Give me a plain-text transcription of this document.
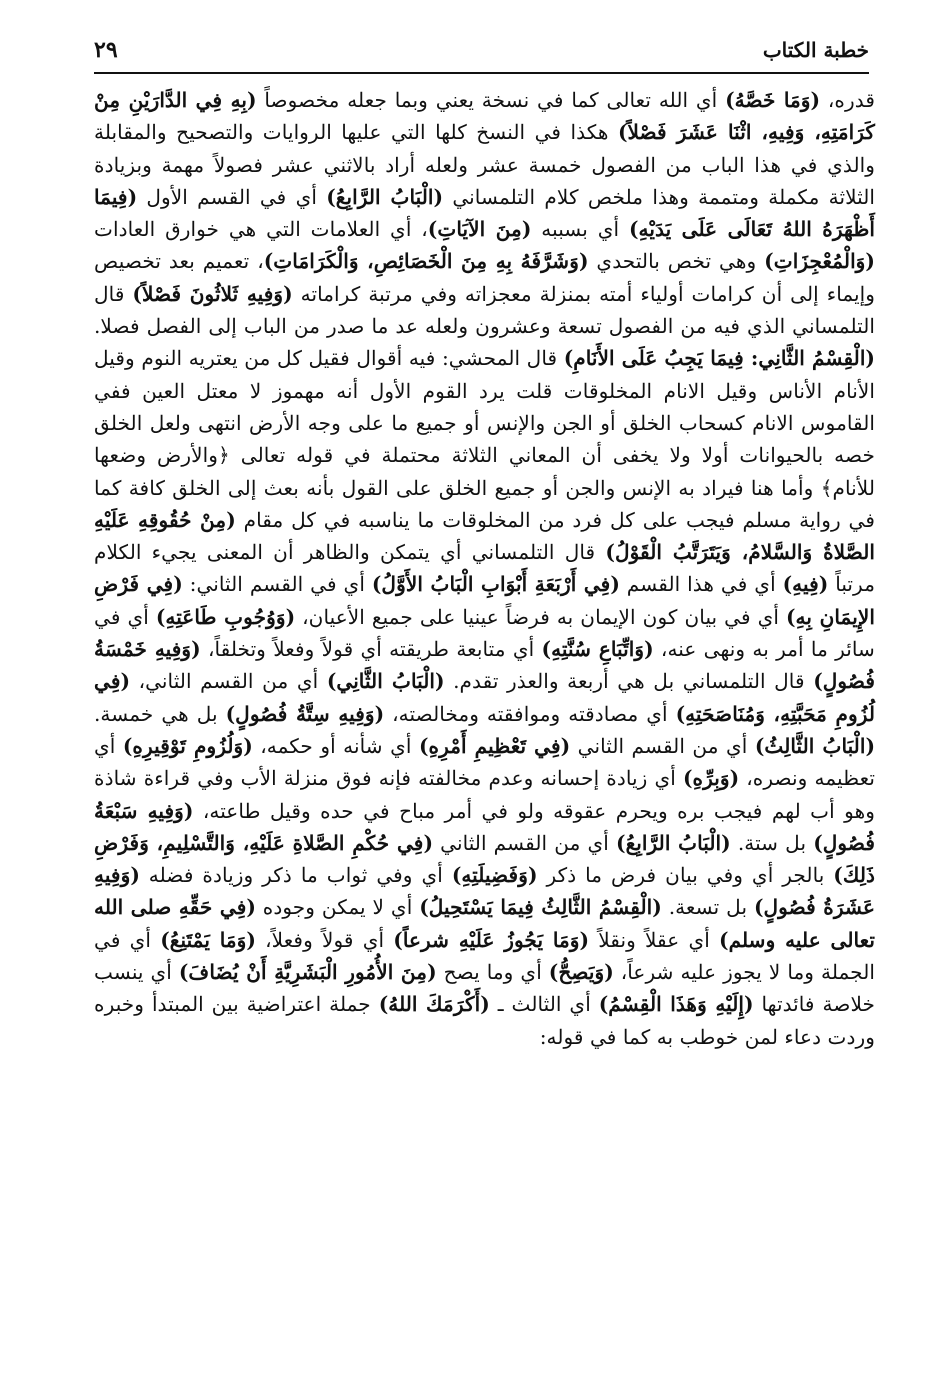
خطبة الكتاب
٢٩

قدره، (وَمَا خَصَّهُ) أي الله تعالى كما في نسخة يعني وبما جعله مخصوصاً (بِهِ فِي الدَّارَيْنِ مِنْ كَرَامَتِهِ، وَفِيهِ، اثْنَا عَشَرَ فَصْلاً) هكذا في النسخ كلها التي عليها الروايات والتصحيح والمقابلة والذي في هذا الباب من الفصول خمسة عشر ولعله أراد بالاثني عشر فصولاً مهمة وبزيادة الثلاثة مكملة ومتممة وهذا ملخص كلام التلمساني (الْبَابُ الرَّابِعُ) أي في القسم الأول (فِيمَا أَظْهَرَهُ اللهُ تَعَالَى عَلَى يَدَيْهِ) أي بسببه (مِنَ الآيَاتِ)، أي العلامات التي هي خوارق العادات (وَالْمُعْجِزَاتِ) وهي تخص بالتحدي (وَشَرَّفَهُ بِهِ مِنَ الْخَصَائِصِ، وَالْكَرَامَاتِ)، تعميم بعد تخصيص وإيماء إلى أن كرامات أولياء أمته بمنزلة معجزاته وفي مرتبة كراماته (وَفِيهِ ثَلاثُونَ فَصْلاً) قال التلمساني الذي فيه من الفصول تسعة وعشرون ولعله عد ما صدر من الباب إلى الفصل فصلا. (الْقِسْمُ الثَّانِي: فِيمَا يَجِبُ عَلَى الأَنَامِ) قال المحشي: فيه أقوال فقيل كل من يعتريه النوم وقيل الأنام الأناس وقيل الانام المخلوقات قلت يرد القوم الأول أنه مهموز لا معتل العين ففي القاموس الانام كسحاب الخلق أو الجن والإنس أو جميع ما على وجه الأرض انتهى ولعل الخلق خصه بالحيوانات أولا ولا يخفى أن المعاني الثلاثة محتملة في قوله تعالى ﴿والأرض وضعها للأنام﴾ وأما هنا فيراد به الإنس والجن أو جميع الخلق على القول بأنه بعث إلى الخلق كافة كما في رواية مسلم فيجب على كل فرد من المخلوقات ما يناسبه في كل مقام (مِنْ حُقُوقِهِ عَلَيْهِ الصَّلاةُ وَالسَّلامُ، وَيَتَرَتَّبُ الْقَوْلُ) قال التلمساني أي يتمكن والظاهر أن المعنى يجيء الكلام مرتباً (فِيهِ) أي في هذا القسم (فِي أَرْبَعَةِ أَبْوَابِ الْبَابُ الأَوَّلُ) أي في القسم الثاني: (فِي فَرْضِ الإِيمَانِ بِهِ) أي في بيان كون الإيمان به فرضاً عينيا على جميع الأعيان، (وَوُجُوبِ طَاعَتِهِ) أي في سائر ما أمر به ونهى عنه، (وَاتِّبَاعِ سُنَّتِهِ) أي متابعة طريقته أي قولاً وفعلاً وتخلقاً، (وَفِيهِ خَمْسَةُ فُصُولٍ) قال التلمساني بل هي أربعة والعذر تقدم. (الْبَابُ الثَّانِي) أي من القسم الثاني، (فِي لُزُومِ مَحَبَّتِهِ، وَمُنَاصَحَتِهِ) أي مصادقته وموافقته ومخالصته، (وَفِيهِ سِتَّةُ فُصُولٍ) بل هي خمسة. (الْبَابُ الثَّالِثُ) أي من القسم الثاني (فِي تَعْظِيمِ أَمْرِهِ) أي شأنه أو حكمه، (وَلُزُومِ تَوْقِيرِهِ) أي تعظيمه ونصره، (وَبِرِّهِ) أي زيادة إحسانه وعدم مخالفته فإنه فوق منزلة الأب وفي قراءة شاذة وهو أب لهم فيجب بره ويحرم عقوقه ولو في أمر مباح في حده وقيل طاعته، (وَفِيهِ سَبْعَةُ فُصُولٍ) بل ستة. (الْبَابُ الرَّابِعُ) أي من القسم الثاني (فِي حُكْمِ الصَّلاةِ عَلَيْهِ، وَالتَّسْلِيمِ، وَفَرْضِ ذَلِكَ) بالجر أي وفي بيان فرض ما ذكر (وَفَضِيلَتِهِ) أي وفي ثواب ما ذكر وزيادة فضله (وَفِيهِ عَشَرَةُ فُصُولٍ) بل تسعة. (الْقِسْمُ الثَّالِثُ فِيمَا يَسْتَحِيلُ) أي لا يمكن وجوده (فِي حَقِّهِ صلى الله تعالى عليه وسلم) أي عقلاً ونقلاً (وَمَا يَجُوزُ عَلَيْهِ شرعاً) أي قولاً وفعلاً، (وَمَا يَمْتَنِعُ) أي في الجملة وما لا يجوز عليه شرعاً، (وَيَصِحُّ) أي وما يصح (مِنَ الأُمُورِ الْبَشَرِيَّةِ أَنْ يُضَافَ) أي ينسب خلاصة فائدتها (إِلَيْهِ وَهَذَا الْقِسْمُ) أي الثالث ـ (أَكْرَمَكَ اللهُ) جملة اعتراضية بين المبتدأ وخبره وردت دعاء لمن خوطب به كما في قوله:
